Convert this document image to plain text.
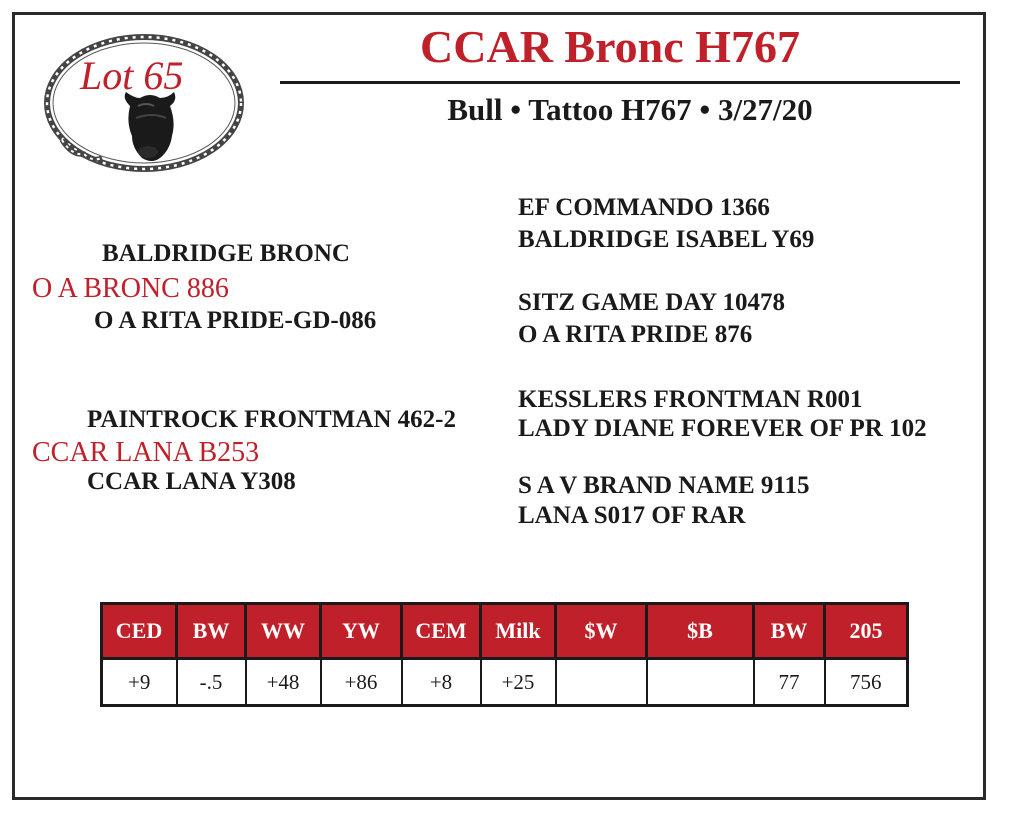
Lot 65
CCAR Bronc H767
Bull • Tattoo H767 • 3/27/20
BALDRIDGE BRONC
O A BRONC 886
O A RITA PRIDE-GD-086
PAINTROCK FRONTMAN 462-2
CCAR LANA B253
CCAR LANA Y308
EF COMMANDO 1366
BALDRIDGE ISABEL Y69
SITZ GAME DAY 10478
O A RITA PRIDE 876
KESSLERS FRONTMAN R001
LADY DIANE FOREVER OF PR 102
S A V BRAND NAME 9115
LANA S017 OF RAR
CED	BW	WW	YW	CEM	Milk	$W	$B	BW	205
+9	-.5	+48	+86	+8	+25			77	756
